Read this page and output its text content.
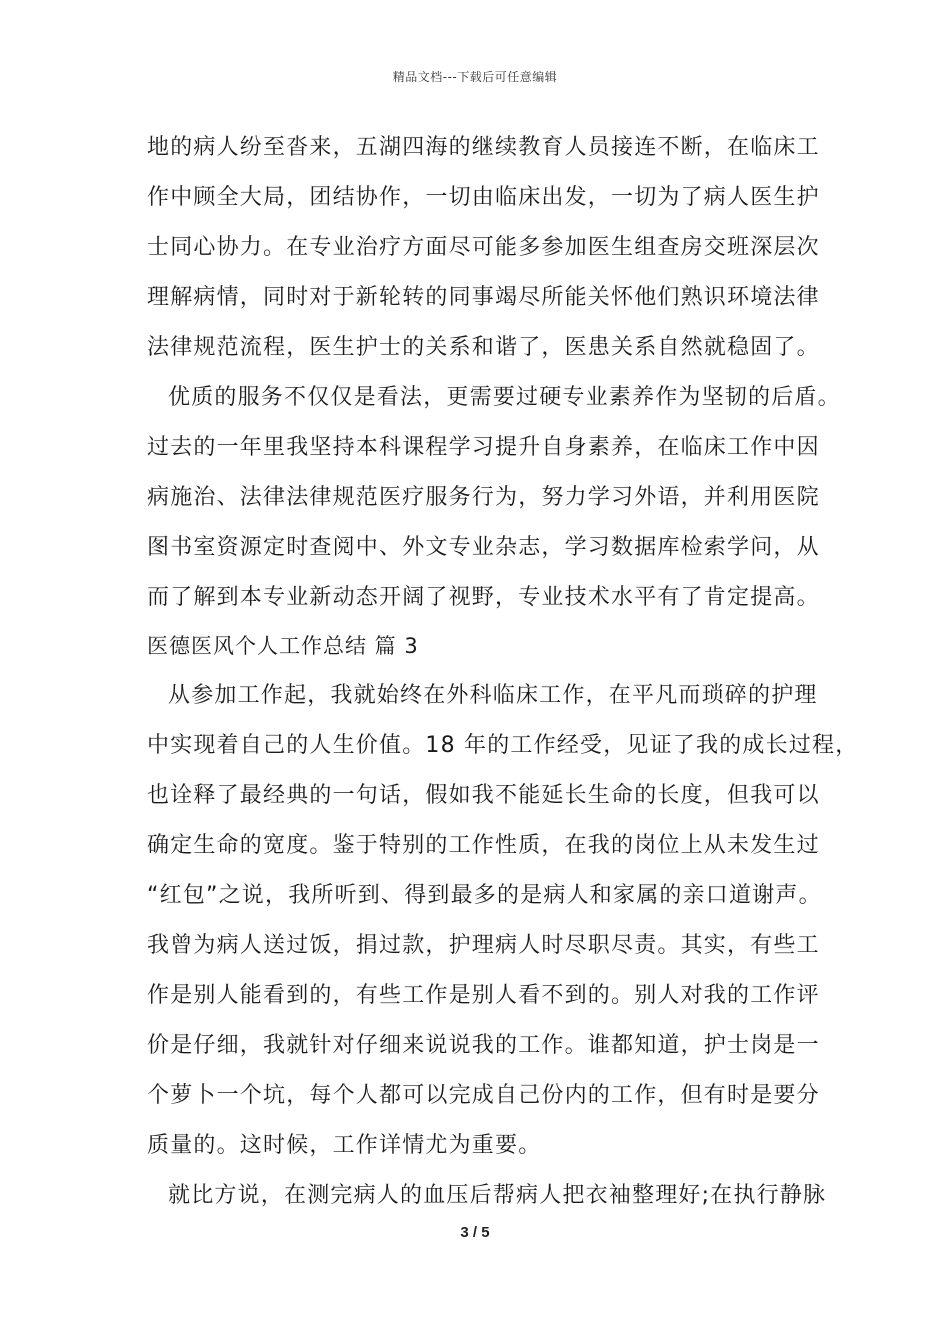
精品文档---下载后可任意编辑
地的病人纷至沓来，五湖四海的继续教育人员接连不断，在临床工
作中顾全大局，团结协作，一切由临床出发，一切为了病人医生护
士同心协力。在专业治疗方面尽可能多参加医生组查房交班深层次
理解病情，同时对于新轮转的同事竭尽所能关怀他们熟识环境法律
法律规范流程，医生护士的关系和谐了，医患关系自然就稳固了。
优质的服务不仅仅是看法，更需要过硬专业素养作为坚韧的后盾。
过去的一年里我坚持本科课程学习提升自身素养，在临床工作中因
病施治、法律法律规范医疗服务行为，努力学习外语，并利用医院
图书室资源定时查阅中、外文专业杂志，学习数据库检索学问，从
而了解到本专业新动态开阔了视野，专业技术水平有了肯定提高。
医德医风个人工作总结 篇 3
从参加工作起，我就始终在外科临床工作，在平凡而琐碎的护理
中实现着自己的人生价值。18 年的工作经受，见证了我的成长过程，
也诠释了最经典的一句话，假如我不能延长生命的长度，但我可以
确定生命的宽度。鉴于特别的工作性质，在我的岗位上从未发生过
“红包”之说，我所听到、得到最多的是病人和家属的亲口道谢声。
我曾为病人送过饭，捐过款，护理病人时尽职尽责。其实，有些工
作是别人能看到的，有些工作是别人看不到的。别人对我的工作评
价是仔细，我就针对仔细来说说我的工作。谁都知道，护士岗是一
个萝卜一个坑，每个人都可以完成自己份内的工作，但有时是要分
质量的。这时候，工作详情尤为重要。
就比方说，在测完病人的血压后帮病人把衣袖整理好;在执行静脉
3 / 5
